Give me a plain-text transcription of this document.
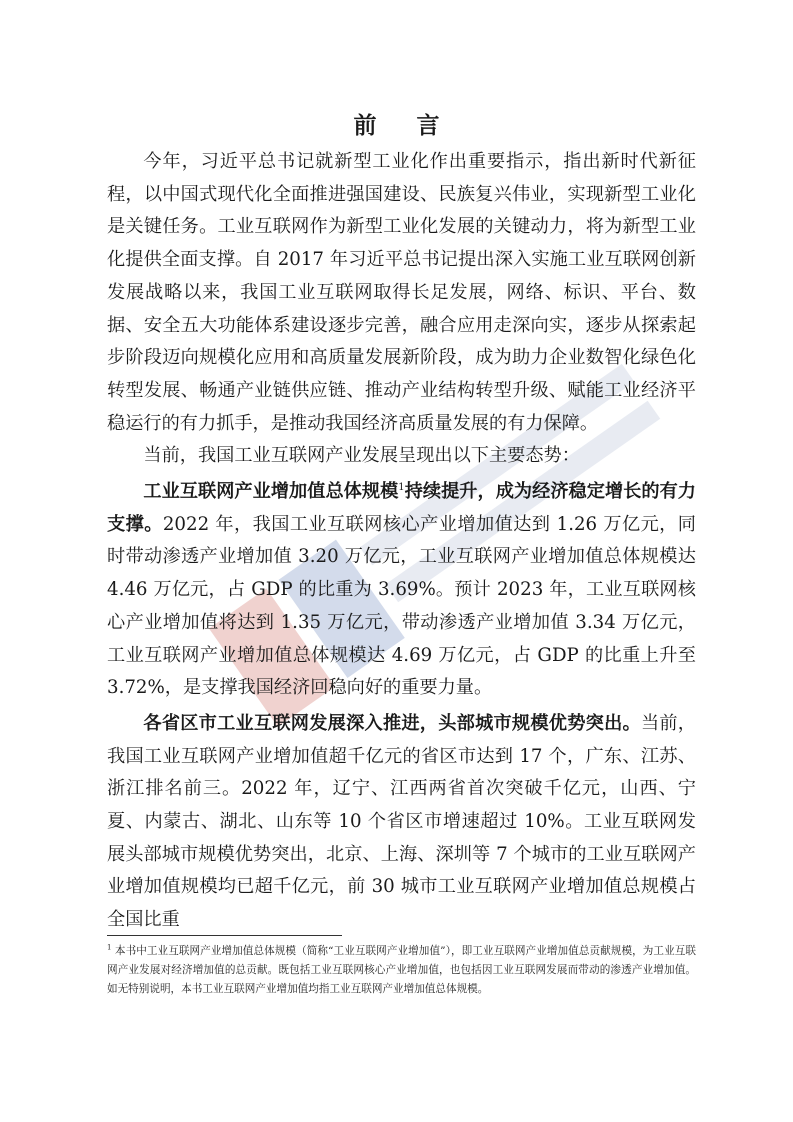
前 言

今年，习近平总书记就新型工业化作出重要指示，指出新时代新征程，以中国式现代化全面推进强国建设、民族复兴伟业，实现新型工业化是关键任务。工业互联网作为新型工业化发展的关键动力，将为新型工业化提供全面支撑。自 2017 年习近平总书记提出深入实施工业互联网创新发展战略以来，我国工业互联网取得长足发展，网络、标识、平台、数据、安全五大功能体系建设逐步完善，融合应用走深向实，逐步从探索起步阶段迈向规模化应用和高质量发展新阶段，成为助力企业数智化绿色化转型发展、畅通产业链供应链、推动产业结构转型升级、赋能工业经济平稳运行的有力抓手，是推动我国经济高质量发展的有力保障。

当前，我国工业互联网产业发展呈现出以下主要态势：

工业互联网产业增加值总体规模$^1$持续提升，成为经济稳定增长的有力支撑。2022 年，我国工业互联网核心产业增加值达到 1.26 万亿元，同时带动渗透产业增加值 3.20 万亿元，工业互联网产业增加值总体规模达 4.46 万亿元，占 GDP 的比重为 3.69%。预计 2023 年，工业互联网核心产业增加值将达到 1.35 万亿元，带动渗透产业增加值 3.34 万亿元，工业互联网产业增加值总体规模达 4.69 万亿元，占 GDP 的比重上升至 3.72%，是支撑我国经济回稳向好的重要力量。

各省区市工业互联网发展深入推进，头部城市规模优势突出。当前，我国工业互联网产业增加值超千亿元的省区市达到 17 个，广东、江苏、浙江排名前三。2022 年，辽宁、江西两省首次突破千亿元，山西、宁夏、内蒙古、湖北、山东等 10 个省区市增速超过 10%。工业互联网发展头部城市规模优势突出，北京、上海、深圳等 7 个城市的工业互联网产业增加值规模均已超千亿元，前 30 城市工业互联网产业增加值总规模占全国比重

$^1$ 本书中工业互联网产业增加值总体规模（简称“工业互联网产业增加值”），即工业互联网产业增加值总贡献规模，为工业互联网产业发展对经济增加值的总贡献。既包括工业互联网核心产业增加值，也包括因工业互联网发展而带动的渗透产业增加值。如无特别说明，本书工业互联网产业增加值均指工业互联网产业增加值总体规模。
